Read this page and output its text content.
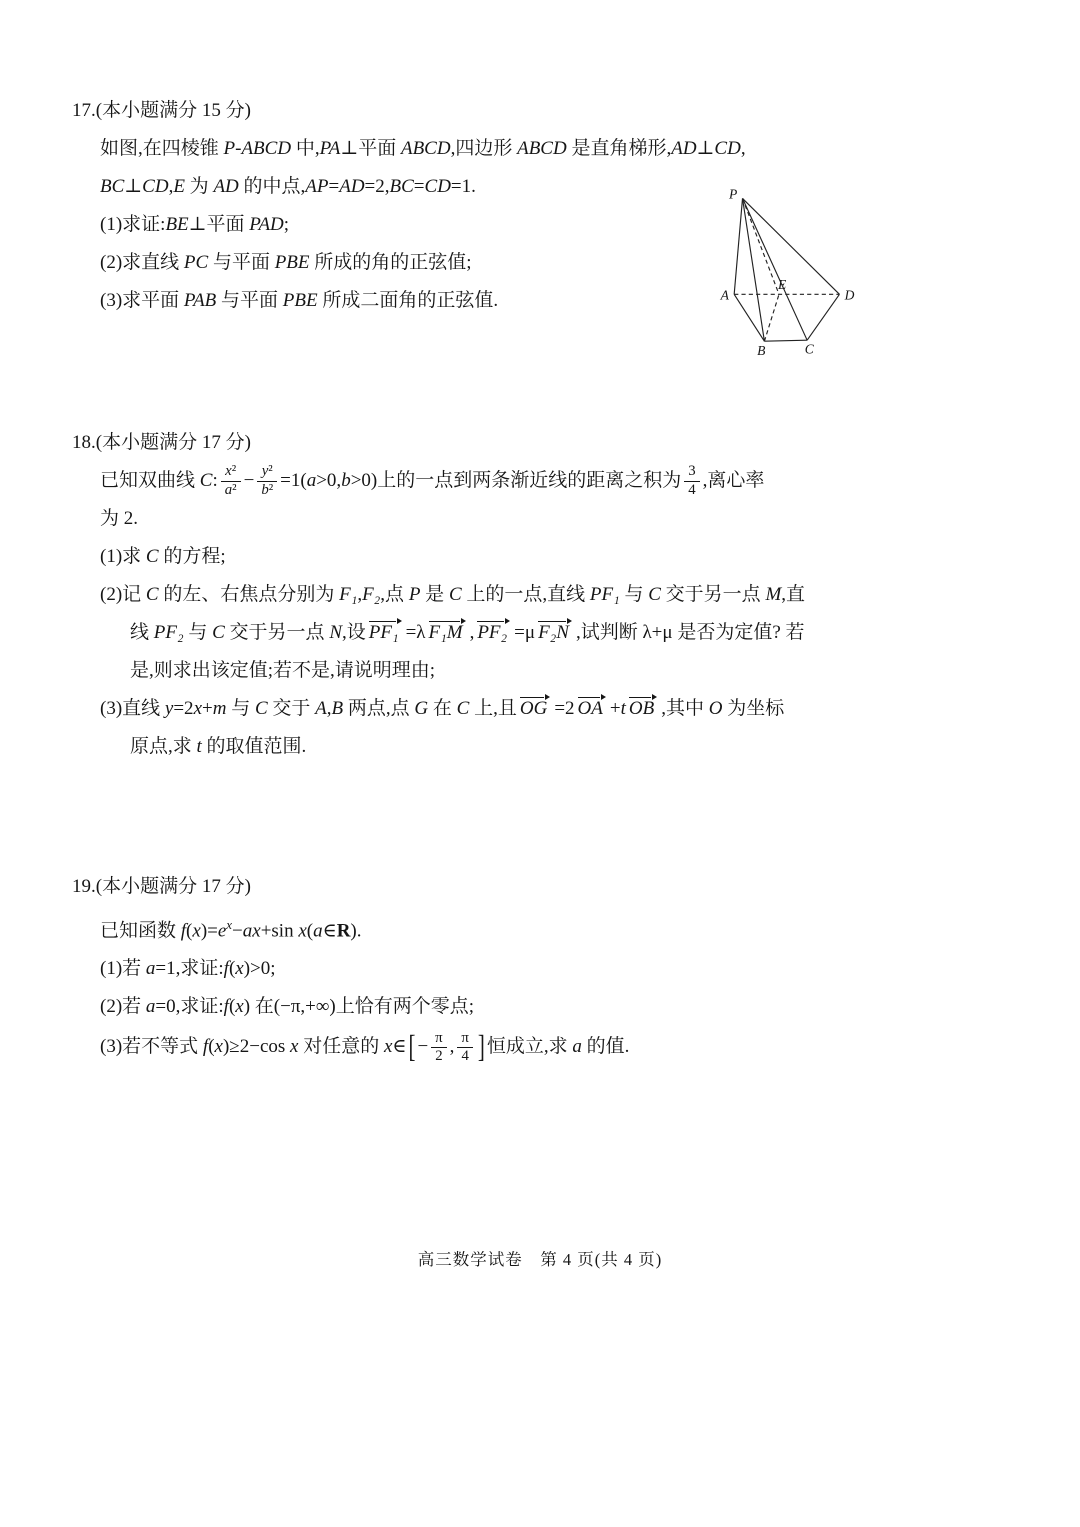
17.(本小题满分 15 分)

如图,在四棱锥 P-ABCD 中,PA⊥平面 ABCD,四边形 ABCD 是直角梯形,AD⊥CD,

BC⊥CD,E 为 AD 的中点,AP=AD=2,BC=CD=1.

(1)求证:BE⊥平面 PAD;

(2)求直线 PC 与平面 PBE 所成的角的正弦值;

(3)求平面 PAB 与平面 PBE 所成二面角的正弦值.

P
A	D
E
B	C
18.(本小题满分 17 分)

已知双曲线 C: $\frac{\text{x²}}{\text{a²}} - \frac{\text{y²}}{\text{b²}} =1(a>0,b>0)$上的一点到两条渐近线的距离之积为 $\frac{3}{4}$ ,离心率

为 2.

(1)求 C 的方程;

(2)记 C 的左、右焦点分别为 F₁,F₂,点 P 是 C 上的一点,直线 PF₁ 与 C 交于另一点 M,直

线 PF₂ 与 C 交于另一点 N,设 PF₁ =λ F₁M , PF₂ =μ F₂N ,试判断 λ+μ 是否为定值? 若

是,则求出该定值;若不是,请说明理由;

(3)直线 y=2x+m 与 C 交于 A,B 两点,点 G 在 C 上,且 OG =2 OA +t OB ,其中 O 为坐标

原点,求 t 的取值范围.

19.(本小题满分 17 分)

已知函数 $f(x)=e^x-ax+\sin$ x(a∈R).

(1)若 a=1,求证:f(x)>0;

(2)若 a=0,求证:f(x) 在(−π,+∞)上恰有两个零点;

(3)若不等式 f(x)≥2−cos x 对任意的 x∈[ − $\frac{\pi}{2}$ , $\frac{\pi}{4}$ ] 恒成立,求 a 的值.

高三数学试卷　第 4 页(共 4 页)
